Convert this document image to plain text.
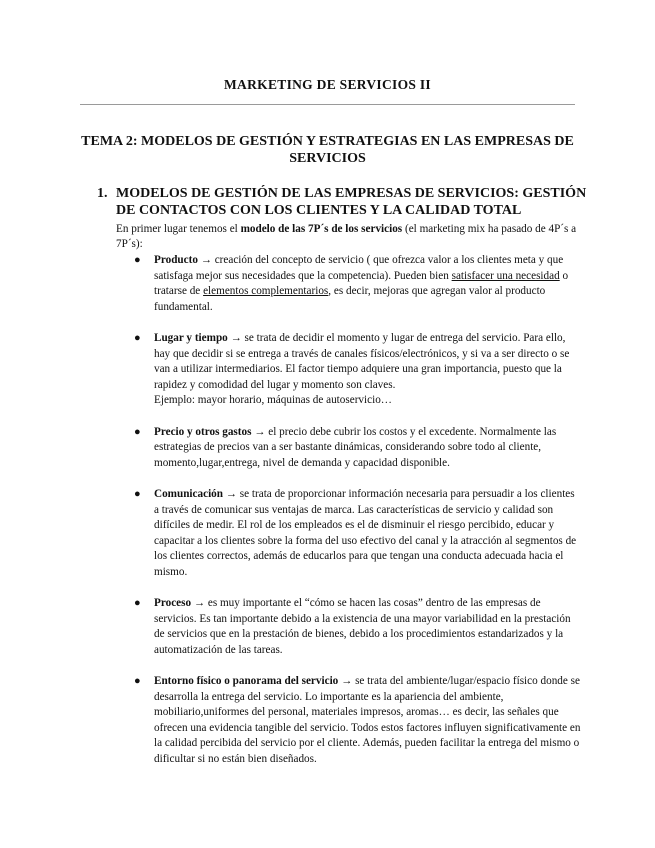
MARKETING DE SERVICIOS II
TEMA 2: MODELOS DE GESTIÓN Y ESTRATEGIAS EN LAS EMPRESAS DE SERVICIOS
1. MODELOS DE GESTIÓN DE LAS EMPRESAS DE SERVICIOS: GESTIÓN DE CONTACTOS CON LOS CLIENTES Y LA CALIDAD TOTAL
En primer lugar tenemos el modelo de las 7P´s de los servicios (el marketing mix ha pasado de 4P´s a 7P´s):
● Producto → creación del concepto de servicio ( que ofrezca valor a los clientes meta y que satisfaga mejor sus necesidades que la competencia). Pueden bien satisfacer una necesidad o tratarse de elementos complementarios, es decir, mejoras que agregan valor al producto fundamental.
● Lugar y tiempo → se trata de decidir el momento y lugar de entrega del servicio. Para ello, hay que decidir si se entrega a través de canales físicos/electrónicos, y si va a ser directo o se van a utilizar intermediarios. El factor tiempo adquiere una gran importancia, puesto que la rapidez y comodidad del lugar y momento son claves.
Ejemplo: mayor horario, máquinas de autoservicio…
● Precio y otros gastos → el precio debe cubrir los costos y el excedente. Normalmente las estrategias de precios van a ser bastante dinámicas, considerando sobre todo al cliente, momento,lugar,entrega, nivel de demanda y capacidad disponible.
● Comunicación → se trata de proporcionar información necesaria para persuadir a los clientes a través de comunicar sus ventajas de marca. Las características de servicio y calidad son difíciles de medir. El rol de los empleados es el de disminuir el riesgo percibido, educar y capacitar a los clientes sobre la forma del uso efectivo del canal y la atracción al segmentos de los clientes correctos, además de educarlos para que tengan una conducta adecuada hacia el mismo.
● Proceso → es muy importante el “cómo se hacen las cosas” dentro de las empresas de servicios. Es tan importante debido a la existencia de una mayor variabilidad en la prestación de servicios que en la prestación de bienes, debido a los procedimientos estandarizados y la automatización de las tareas.
● Entorno físico o panorama del servicio → se trata del ambiente/lugar/espacio físico donde se desarrolla la entrega del servicio. Lo importante es la apariencia del ambiente, mobiliario,uniformes del personal, materiales impresos, aromas… es decir, las señales que ofrecen una evidencia tangible del servicio. Todos estos factores influyen significativamente en la calidad percibida del servicio por el cliente. Además, pueden facilitar la entrega del mismo o dificultar si no están bien diseñados.
